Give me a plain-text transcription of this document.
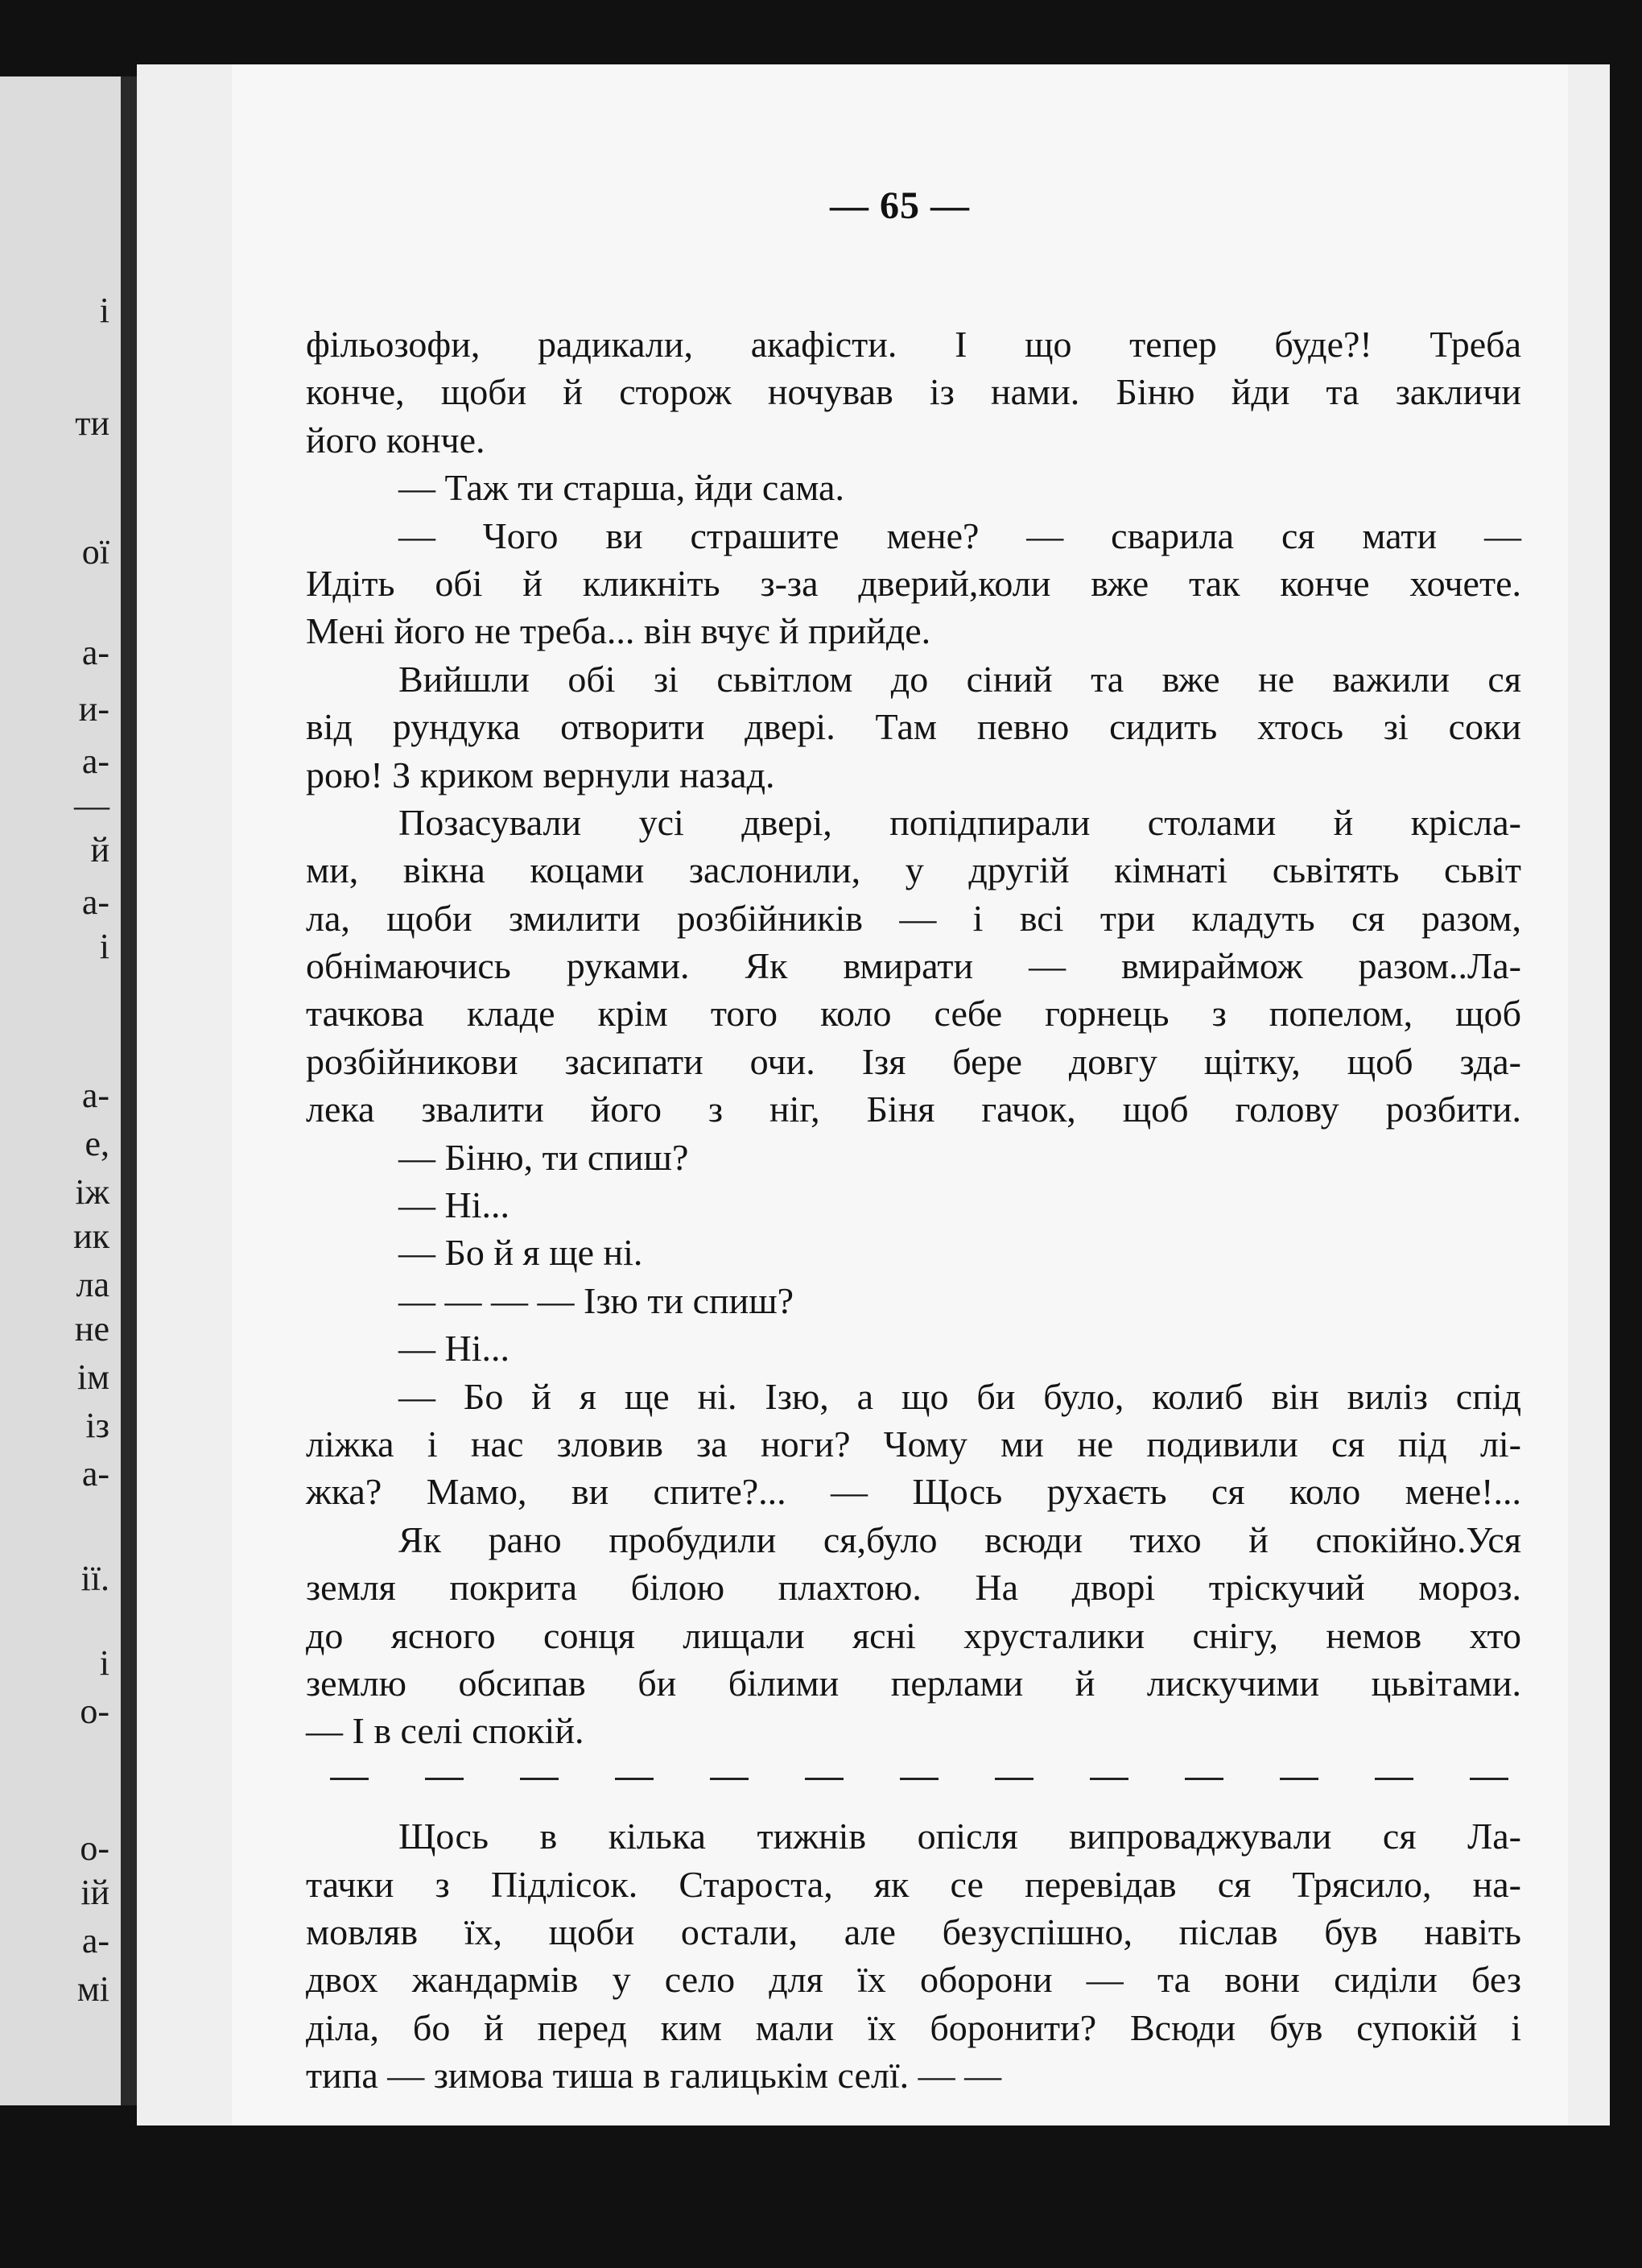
і
ти
ої
а-
и-
а-
—
й
а-
і
а-
е,
іж
ик
ла
не
ім
із
а-
ії.
і
о-
о-
ій
а-
мі
— 65 —
фільозофи, радикали, акафісти. І що тепер буде?! Треба
конче, щоби й сторож ночував із нами. Біню йди та закличи
його конче.
— Таж ти старша, йди сама.
— Чого ви страшите мене? — сварила ся мати —
Идіть обі й кликніть з-за дверий,коли вже так конче хочете.
Мені його не треба... він вчує й прийде.
Вийшли обі зі сьвітлом до сіний та вже не важили ся
від рундука отворити двері. Там певно сидить хтось зі соки
рою! З криком вернули назад.
Позасували усі двері, попідпирали столами й крісла-
ми, вікна коцами заслонили, у другій кімнаті сьвітять сьвіт
ла, щоби змилити розбійників — і всі три кладуть ся разом,
обнімаючись руками. Як вмирати — вмираймож разом..Ла-
тачкова кладе крім того коло себе горнець з попелом, щоб
розбійникови засипати очи. Ізя бере довгу щітку, щоб зда-
лека звалити його з ніг, Біня гачок, щоб голову розбити.
— Біню, ти спиш?
— Ні...
— Бо й я ще ні.
— — — — Ізю ти спиш?
— Ні...
— Бо й я ще ні. Ізю, а що би було, колиб він виліз спід
ліжка і нас зловив за ноги? Чому ми не подивили ся під лі-
жка? Мамо, ви спите?... — Щось рухаєть ся коло мене!...
Як рано пробудили ся,було всюди тихо й спокійно.Уся
земля покрита білою плахтою. На дворі тріскучий мороз.
до ясного сонця лищали ясні хрусталики снігу, немов хто
землю обсипав би білими перлами й лискучими цьвітами.
— І в селі спокій.
Щось в кілька тижнів опісля випроваджували ся Ла-
тачки з Підлісок. Староста, як се перевідав ся Трясило, на-
мовляв їх, щоби остали, але безуспішно, післав був навіть
двох жандармів у село для їх оборони — та вони сиділи без
діла, бо й перед ким мали їх боронити? Всюди був супокій і
типа — зимова тиша в галицькім селї. — —
